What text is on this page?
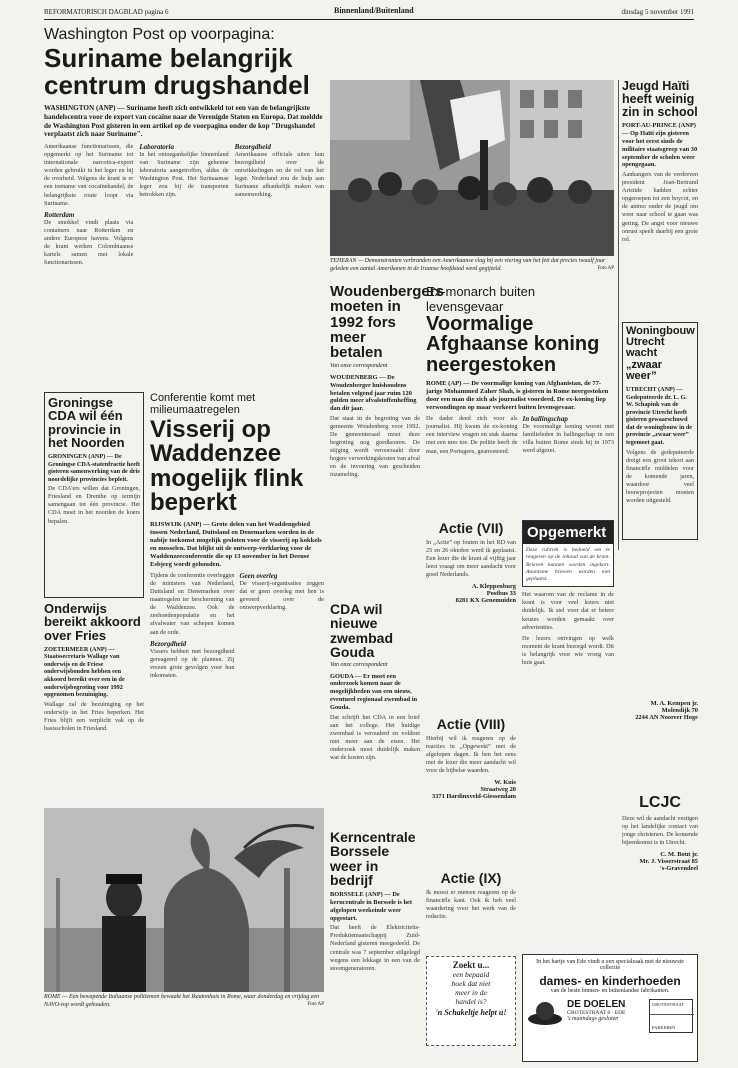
REFORMATORISCH DAGBLAD pagina 6	Binnenland/Buitenland	dinsdag 5 november 1991
Washington Post op voorpagina:
Suriname belangrijk centrum drugshandel
WASHINGTON (ANP) — Suriname heeft zich ontwikkeld tot een van de belangrijkste handelscentra voor de export van cocaïne naar de Verenigde Staten en Europa. Dat meldde de Washington Post gisteren in een artikel op de voorpagina onder de kop "Drugshandel verplaatst zich naar Suriname".
Amerikaanse functionarissen, die opgemerkt op het Suriname tot internationale narcotica-export worden gebruikt in het leger en bij de overheid. Volgens de krant is er een toename van cocaïnehandel, de belangrijkste route loopt via Suriname.
Rotterdam
De smokkel vindt plaats via containers naar Rotterdam en andere Europese havens. Volgens de krant werken Colombiaanse kartels samen met lokale functionarissen.
Laboratoria
In het ontoegankelijke binnenland van Suriname zijn geheime laboratoria aangetroffen, aldus de Washington Post. Het Surinaamse leger zou bij de transporten betrokken zijn.
Bezorgdheid
Amerikaanse officials uiten hun bezorgdheid over de ontwikkelingen en de rol van het leger. Nederland zou de hulp aan Suriname afhankelijk maken van samenwerking.
TEHERAN — Demonstranten verbranden een Amerikaanse vlag bij een viering van het feit dat precies twaalf jaar geleden een aantal Amerikanen in de Iraanse hoofdstad werd gegijzeld.	Foto AP
Jeugd Haïti heeft weinig zin in school
PORT-AU-PRINCE (ANP) — Op Haïti zijn gisteren voor het eerst sinds de militaire staatsgreep van 30 september de scholen weer opengegaan.
Aanhangers van de verdreven president Jean-Bertrand Aristide hadden echter opgeroepen tot een boycot, en de animo onder de jeugd om weer naar school te gaan was gering. De angst voor nieuwe onrust speelt daarbij een grote rol.
Woningbouw Utrecht wacht „zwaar weer”
UTRECHT (ANP) — Gedeputeerde dr. L. G. W. Schapink van de provincie Utrecht heeft gisteren gewaarschuwd dat de woningbouw in de provincie „zwaar weer” tegemoet gaat.
Volgens de gedeputeerde dreigt een groot tekort aan financiële middelen voor de komende jaren, waardoor veel bouwprojecten moeten worden uitgesteld.
Woudenbergers moeten in 1992 fors meer betalen
Van onze correspondent
WOUDENBERG — De Woudenberger huishoudens betalen volgend jaar ruim 120 gulden meer afvalstoffenheffing dan dit jaar.
Dat staat in de begroting van de gemeente Woudenberg voor 1992. De gemeenteraad moet deze begroting nog goedkeuren. De stijging wordt veroorzaakt door hogere verwerkingskosten van afval en de invoering van gescheiden inzameling.
Ex-monarch buiten levensgevaar
Voormalige Afghaanse koning neergestoken
ROME (AP) — De voormalige koning van Afghanistan, de 77-jarige Mohammed Zaher Shah, is gisteren in Rome neergestoken door een man die zich als journalist voordeed. De ex-koning liep verwondingen op maar verkeert buiten levensgevaar.
De dader deed zich voor als journalist. Hij kwam de ex-koning een interview vragen en stak daarna met een mes toe. De politie heeft de man, een Portugees, gearresteerd.
In ballingschap
De voormalige koning woont met familieleden in ballingschap in een villa buiten Rome sinds hij in 1973 werd afgezet.
Groningse CDA wil één provincie in het Noorden
GRONINGEN (ANP) — De Groningse CDA-statenfractie heeft gisteren samenwerking van de drie noordelijke provincies bepleit.
De CDA'ers willen dat Groningen, Friesland en Drenthe op termijn samengaan tot één provincie. Het CDA moet in het noorden de koers bepalen.
Onderwijs bereikt akkoord over Fries
ZOETERMEER (ANP) — Staatssecretaris Wallage van onderwijs en de Friese onderwijsbonden hebben een akkoord bereikt over een in de onderwijsbegroting voor 1992 opgenomen bezuiniging.
Wallage zal de bezuiniging op het onderwijs in het Fries beperken. Het Fries blijft een verplicht vak op de basisscholen in Friesland.
Conferentie komt met milieumaatregelen
Visserij op Waddenzee mogelijk flink beperkt
RIJSWIJK (ANP) — Grote delen van het Waddengebied tussen Nederland, Duitsland en Denemarken worden in de nabije toekomst mogelijk gesloten voor de visserij op kokkels en mosselen. Dat blijkt uit de ontwerp-verklaring voor de Waddenzeeconferentie die op 13 november in het Deense Esbjerg wordt gehouden.
Tijdens de conferentie overleggen de ministers van Nederland, Duitsland en Denemarken over maatregelen ter bescherming van de Waddenzee. Ook de zeehondenpopulatie en het afvalwater van schepen komen aan de orde.
Bezorgdheid
Vissers hebben met bezorgdheid gereageerd op de plannen. Zij vrezen grote gevolgen voor hun inkomsten.
Geen overleg
De visserij-organisaties zeggen dat er geen overleg met hen is gevoerd over de ontwerpverklaring.	CDA wil nieuwe zwembad Gouda
Van onze correspondent
GOUDA — Er moet een onderzoek komen naar de mogelijkheden van een nieuw, eventueel regionaal zwembad in Gouda.
Dat schrijft het CDA in een brief aan het college. Het huidige zwembad is verouderd en voldoet niet meer aan de eisen. Het onderzoek moet duidelijk maken wat de kosten zijn.
Kerncentrale Borssele weer in bedrijf
BORSSELE (ANP) — De kerncentrale in Borssele is het afgelopen weekeinde weer opgestart.
Dat heeft de Elektriciteits-Produktiemaatschappij Zuid-Nederland gisteren meegedeeld. De centrale was 7 september stilgelegd wegens een lekkage in een van de stoomgeneratoren.
Actie (VII)
In „Actie” op fouten in het RD van 25 en 26 oktober werd ik geplaatst. Een lezer die de krant al vijftig jaar leest vraagt om meer aandacht voor goed Nederlands.
A. Kleppenburg
Postbus 33
8281 KX Genemuiden
Actie (VIII)
Hierbij wil ik reageren op de reacties in „Opgewekt” met de afgelopen dagen. Ik ben het eens met de lezer die meer aandacht wil voor de bijbelse waarden.
W. Kuis
Straatweg 20
3371 Hardinxveld-Giessendam
Actie (IX)
Ik moest er meteen reageren op de financiële kant. Ook ik heb veel waardering voor het werk van de redactie.
Opgemerkt
Deze rubriek is bedoeld om te reageren op de inhoud van de krant. Brieven kunnen worden ingekort. Anonieme brieven worden niet geplaatst.
Het waarom van de reclame in de krant is voor veel lezers niet duidelijk. Ik stel voor dat er betere keuzes worden gemaakt over advertenties.
De lezers ontvingen op welk moment de krant bezorgd wordt. Dit is belangrijk voor wie vroeg van huis gaat.
M. A. Kempen jr.
Molendijk 70
2244 AN Nooreer Hoge
LCJC
Deze wil de aandacht vestigen op het landelijke contact van jonge christenen. De komende bijeenkomst is in Utrecht.
C. M. Bout jr.
Mr. J. Visserstraat 85
's-Gravendeel
ROME — Een bewapende Italiaanse politieman bewaakt het Ikeatonhuis in Rome, waar donderdag en vrijdag een NAVO-top wordt gehouden.	Foto AP
Zoekt u...
een bepaald
boek dat niet
meer in de
handel is?
'n Schakeltje helpt u!
In het hartje van Ede vindt u een specialzaak met de nieuwste collectie
dames- en kinderhoeden
van de beste binnen- en buitenlandse fabrikanten.
DE DOELEN
GROTESTRAAT 8 · EDE
's maandags gesloten
GROTESTRAAT
PARKEREN
